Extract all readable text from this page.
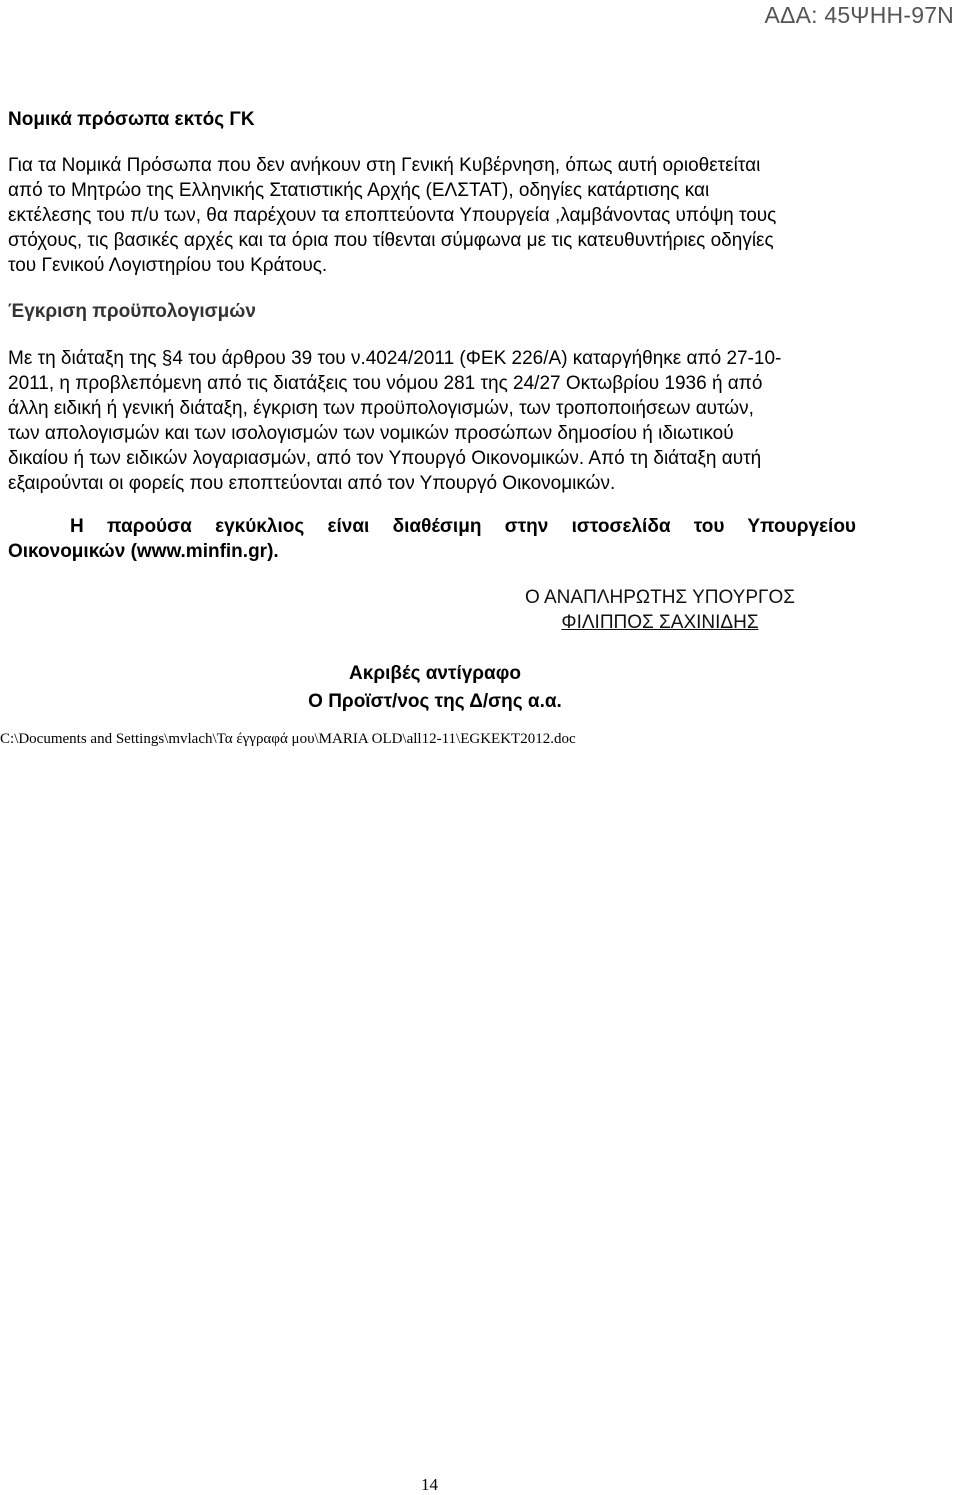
ΑΔΑ: 45ΨΗΗ-97Ν
Νομικά πρόσωπα εκτός ΓΚ
Για τα Νομικά Πρόσωπα που δεν ανήκουν στη Γενική Κυβέρνηση, όπως αυτή οριοθετείται
από το Μητρώο της Ελληνικής Στατιστικής Αρχής (ΕΛΣΤΑΤ), οδηγίες κατάρτισης και
εκτέλεσης του π/υ των, θα παρέχουν τα εποπτεύοντα Υπουργεία ,λαμβάνοντας υπόψη τους
στόχους, τις βασικές αρχές και τα όρια που τίθενται σύμφωνα με τις κατευθυντήριες οδηγίες
του Γενικού Λογιστηρίου του Κράτους.
Έγκριση προϋπολογισμών
Με τη διάταξη της §4 του άρθρου 39 του ν.4024/2011 (ΦΕΚ 226/Α) καταργήθηκε από 27-10-
2011, η προβλεπόμενη από τις διατάξεις του νόμου 281 της 24/27 Οκτωβρίου 1936 ή από
άλλη ειδική ή γενική διάταξη, έγκριση των προϋπολογισμών, των τροποποιήσεων αυτών,
των απολογισμών και των ισολογισμών των νομικών προσώπων δημοσίου ή ιδιωτικού
δικαίου ή των ειδικών λογαριασμών, από τον Υπουργό Οικονομικών. Από τη διάταξη αυτή
εξαιρούνται οι φορείς που εποπτεύονται από τον Υπουργό Οικονομικών.
Η παρούσα εγκύκλιος είναι διαθέσιμη στην ιστοσελίδα του Υπουργείου
Οικονομικών (www.minfin.gr).
Ο ΑΝΑΠΛΗΡΩΤΗΣ ΥΠΟΥΡΓΟΣ
ΦΙΛΙΠΠΟΣ ΣΑΧΙΝΙΔΗΣ
Ακριβές αντίγραφο
Ο Προϊστ/νος της Δ/σης α.α.
C:\Documents and Settings\mvlach\Τα έγγραφά μου\MARIA OLD\all12-11\EGKEKT2012.doc
14
